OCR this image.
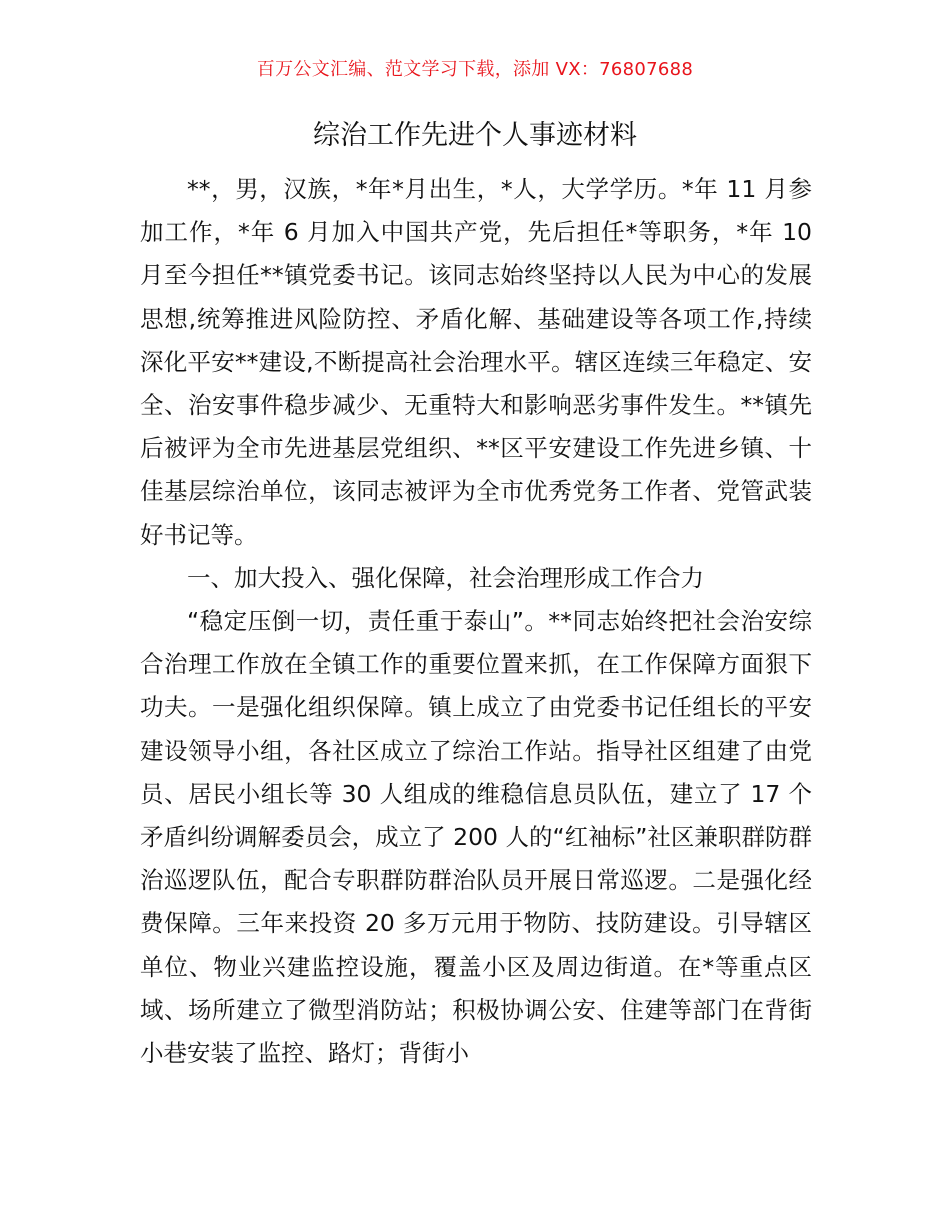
百万公文汇编、范文学习下载，添加 VX：76807688
综治工作先进个人事迹材料

**，男，汉族，*年*月出生，*人，大学学历。*年 11 月参加工作，*年 6 月加入中国共产党，先后担任*等职务，*年 10 月至今担任**镇党委书记。该同志始终坚持以人民为中心的发展思想,统筹推进风险防控、矛盾化解、基础建设等各项工作,持续深化平安**建设,不断提高社会治理水平。辖区连续三年稳定、安全、治安事件稳步减少、无重特大和影响恶劣事件发生。**镇先后被评为全市先进基层党组织、**区平安建设工作先进乡镇、十佳基层综治单位，该同志被评为全市优秀党务工作者、党管武装好书记等。

一、加大投入、强化保障，社会治理形成工作合力

“稳定压倒一切，责任重于泰山”。**同志始终把社会治安综合治理工作放在全镇工作的重要位置来抓，在工作保障方面狠下功夫。一是强化组织保障。镇上成立了由党委书记任组长的平安建设领导小组，各社区成立了综治工作站。指导社区组建了由党员、居民小组长等 30 人组成的维稳信息员队伍，建立了 17 个矛盾纠纷调解委员会，成立了 200 人的“红袖标”社区兼职群防群治巡逻队伍，配合专职群防群治队员开展日常巡逻。二是强化经费保障。三年来投资 20 多万元用于物防、技防建设。引导辖区单位、物业兴建监控设施，覆盖小区及周边街道。在*等重点区域、场所建立了微型消防站；积极协调公安、住建等部门在背街小巷安装了监控、路灯；背街小
